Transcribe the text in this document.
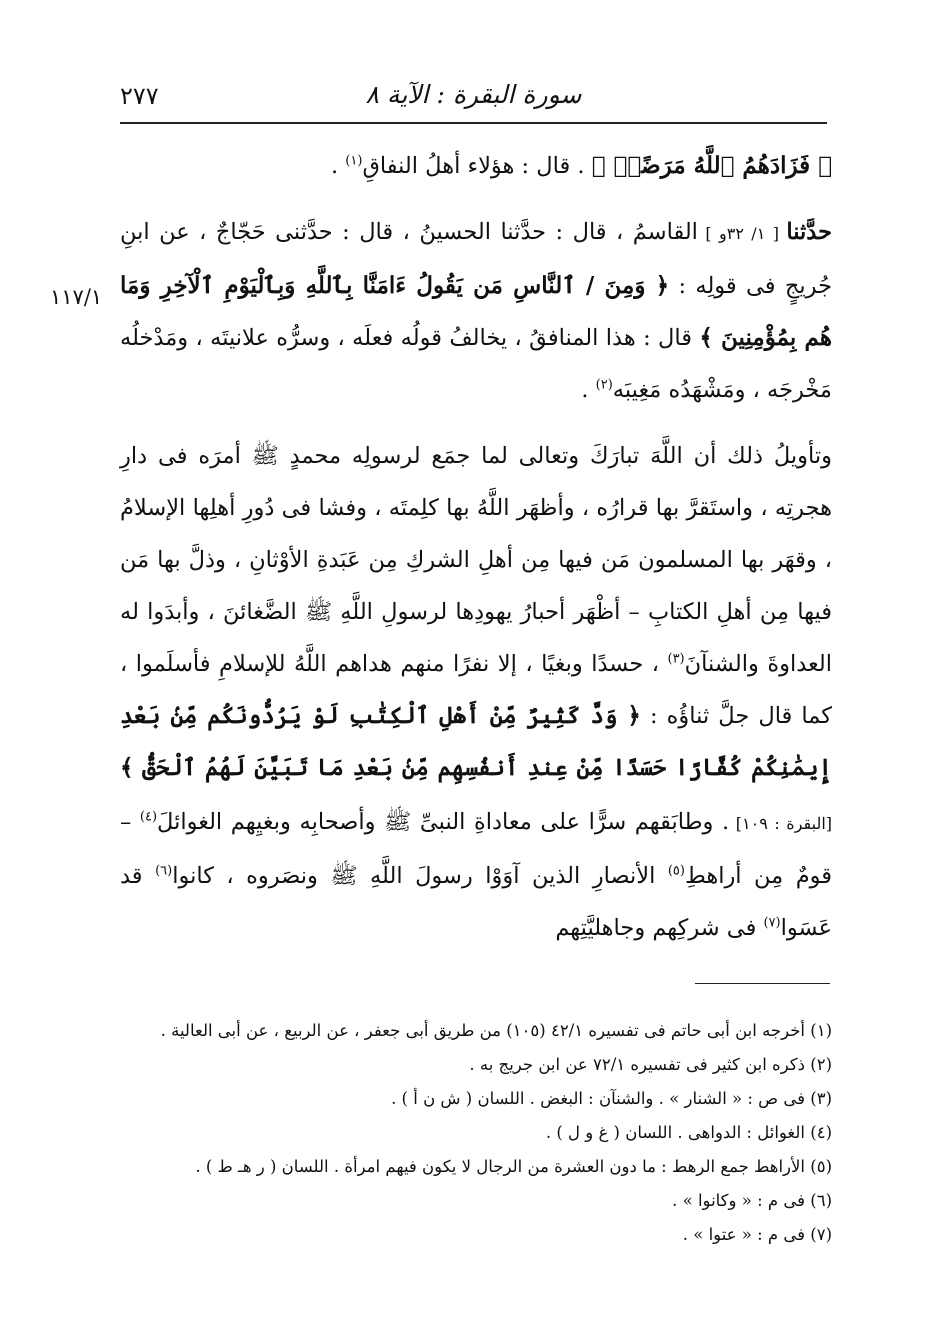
سورة البقرة : الآية ٨
٢٧٧
١١٧/١

﴿ فَزَادَهُمُ ٱللَّهُ مَرَضًاۖ ﴾ . قال : هؤلاء أهلُ النفاقِ$^{(١)}$ .

حدَّثنا [ ١/ ٣٢و ] القاسمُ ، قال : حدَّثنا الحسينُ ، قال : حدَّثنى حَجّاجٌ ، عن ابنِ جُريجٍ فى قولِه : ﴿ وَمِنَ / ٱلنَّاسِ مَن يَقُولُ ءَامَنَّا بِٱللَّهِ وَبِٱلْيَوْمِ ٱلْآخِرِ وَمَا هُم بِمُؤْمِنِينَ ﴾ قال : هذا المنافقُ ، يخالفُ قولُه فعلَه ، وسرُّه علانيتَه ، ومَدْخلُه مَخْرجَه ، ومَشْهَدُه مَغِيبَه$^{(٢)}$ .

وتأويلُ ذلك أن اللَّهَ تبارَكَ وتعالى لما جمَع لرسولِه محمدٍ ﷺ أمرَه فى دارِ هجرتِه ، واستَقرَّ بها قرارُه ، وأظهَر اللَّهُ بها كلِمتَه ، وفشا فى دُورِ أهلِها الإسلامُ ، وقهَر بها المسلمون مَن فيها مِن أهلِ الشركِ مِن عَبَدةِ الأوْثانِ ، وذلَّ بها مَن فيها مِن أهلِ الكتابِ – أظْهَر أحبارُ يهودِها لرسولِ اللَّهِ ﷺ الضَّغائنَ ، وأبدَوا له العداوةَ والشنآنَ$^{(٣)}$ ، حسدًا وبغيًا ، إلا نفرًا منهم هداهم اللَّهُ للإسلامِ فأسلَموا ، كما قال جلَّ ثناؤُه : ﴿ وَدَّ كَثِيرٌ مِّنْ أَهْلِ ٱلْكِتَٰبِ لَوْ يَرُدُّونَكُم مِّنۢ بَعْدِ إِيمَٰنِكُمْ كُفَّارًا حَسَدًا مِّنْ عِندِ أَنفُسِهِم مِّنۢ بَعْدِ مَا تَبَيَّنَ لَهُمُ ٱلْحَقُّ ﴾ [البقرة : ١٠٩] . وطابَقهم سرًّا على معاداةِ النبىِّ ﷺ وأصحابِه وبغيِهم الغوائلَ$^{(٤)}$ – قومٌ مِن أراهطِ$^{(٥)}$ الأنصارِ الذين آوَوْا رسولَ اللَّهِ ﷺ ونصَروه ، كانوا$^{(٦)}$ قد عَسَوا$^{(٧)}$ فى شركِهم وجاهليَّتِهم

(١) أخرجه ابن أبى حاتم فى تفسيره ٤٢/١ (١٠٥) من طريق أبى جعفر ، عن الربيع ، عن أبى العالية .
(٢) ذكره ابن كثير فى تفسيره ٧٢/١ عن ابن جريج به .
(٣) فى ص : « الشنار » . والشنآن : البغض . اللسان ( ش ن أ ) .
(٤) الغوائل : الدواهى . اللسان ( غ و ل ) .
(٥) الأراهط جمع الرهط : ما دون العشرة من الرجال لا يكون فيهم امرأة . اللسان ( ر هـ ط ) .
(٦) فى م : « وكانوا » .
(٧) فى م : « عتوا » .
